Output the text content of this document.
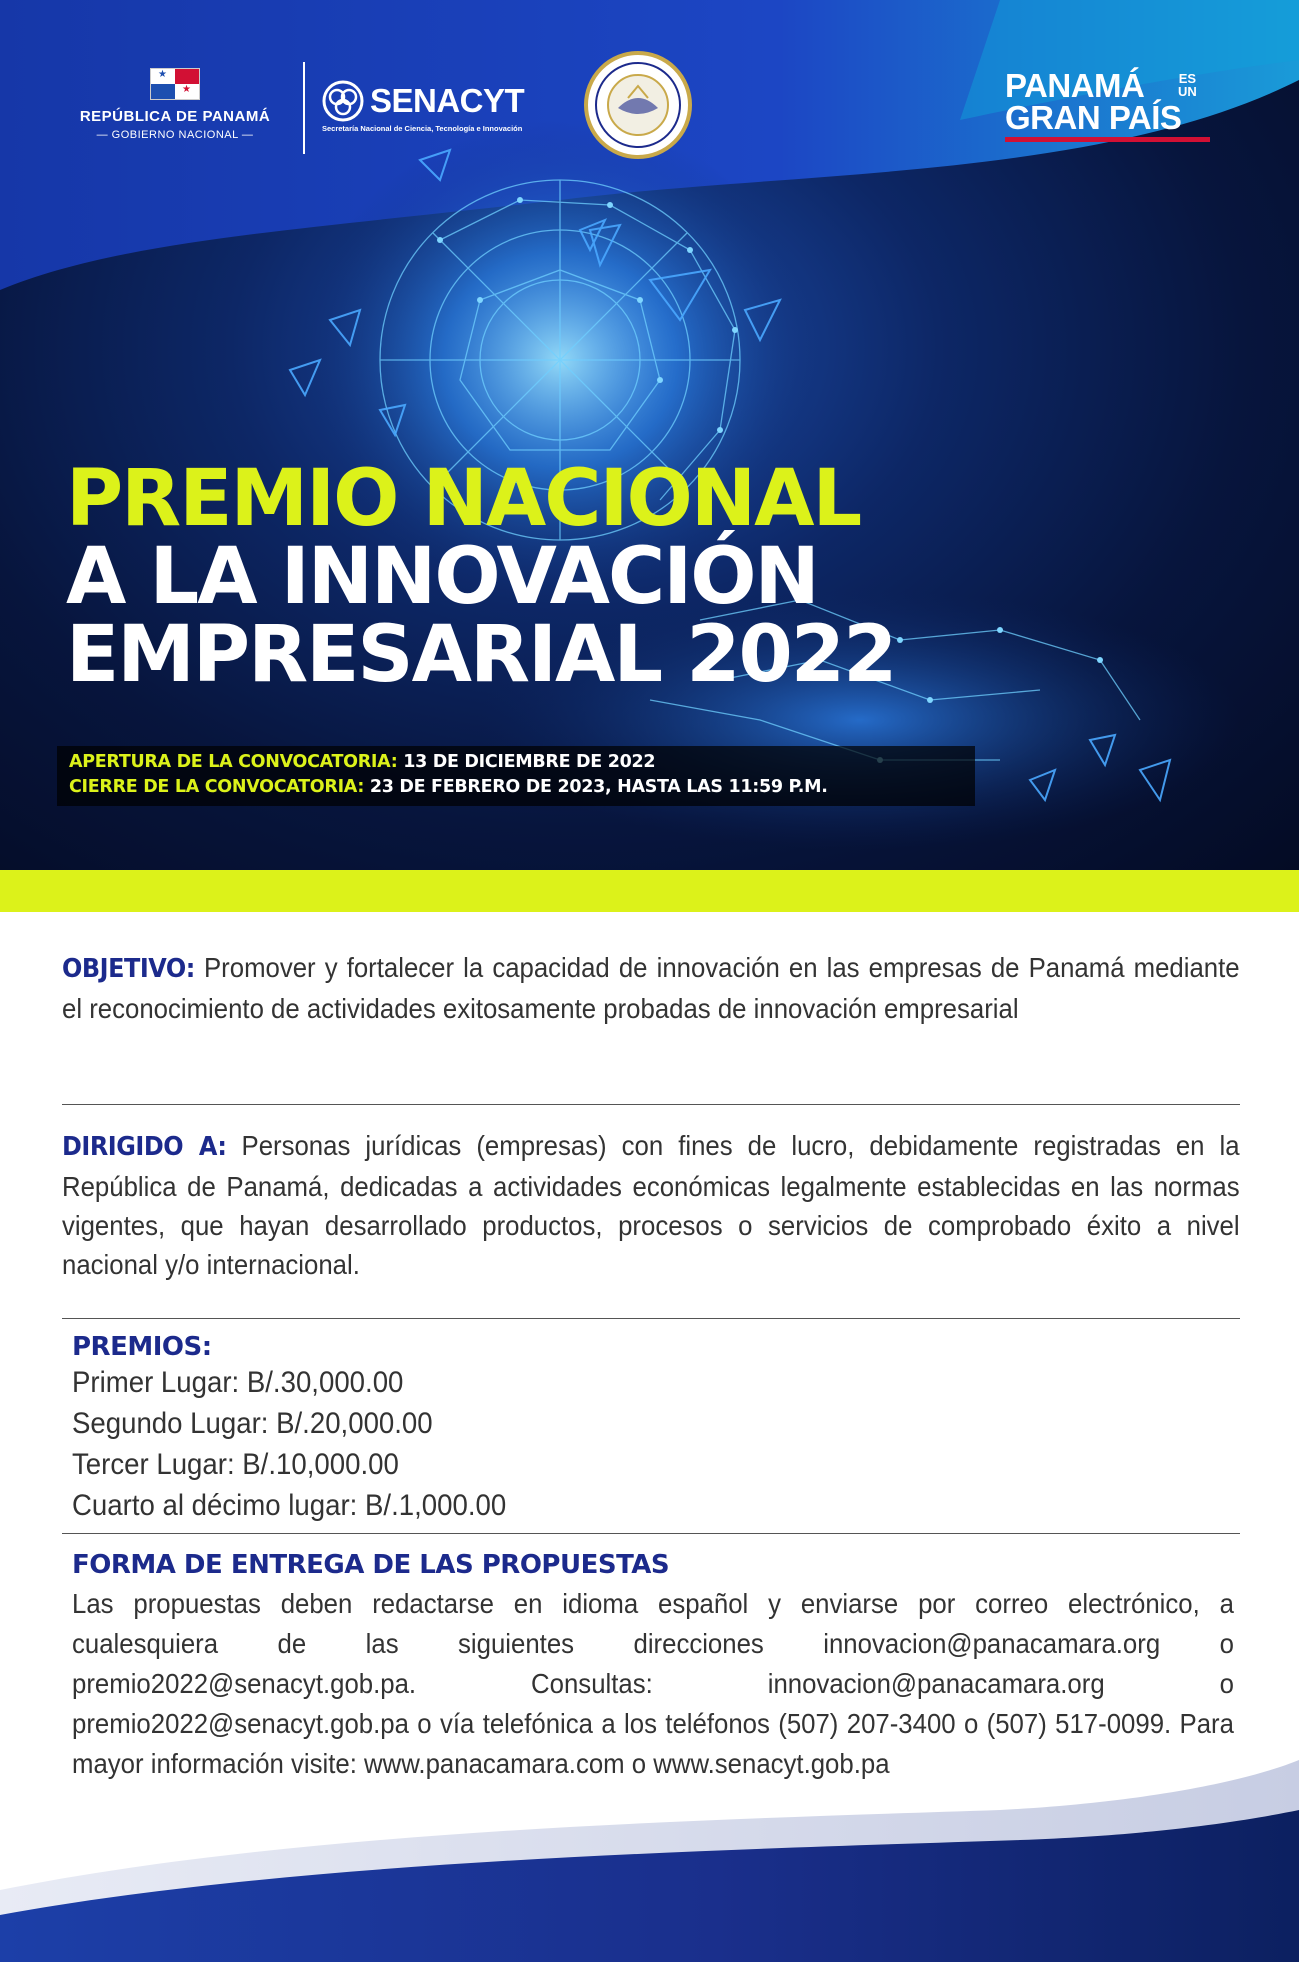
★
★
REPÚBLICA DE PANAMÁ
— GOBIERNO NACIONAL —
SENACYT
Secretaría Nacional de Ciencia, Tecnología e Innovación
PANAMÁ	ES
UN
GRAN PAÍS
PREMIO NACIONAL
A LA INNOVACIÓN
EMPRESARIAL 2022
APERTURA DE LA CONVOCATORIA: 13 DE DICIEMBRE DE 2022
CIERRE DE LA CONVOCATORIA: 23 DE FEBRERO DE 2023, HASTA LAS 11:59 P.M.
OBJETIVO: Promover y fortalecer la capacidad de innovación en las empresas de Panamá mediante el reconocimiento de actividades exitosamente probadas de innovación empresarial
DIRIGIDO A: Personas jurídicas (empresas) con fines de lucro, debidamente registradas en la República de Panamá, dedicadas a actividades económicas legalmente establecidas en las normas vigentes, que hayan desarrollado productos, procesos o servicios de comprobado éxito a nivel nacional y/o internacional.
PREMIOS:
Primer Lugar: B/.30,000.00
Segundo Lugar: B/.20,000.00
Tercer Lugar: B/.10,000.00
Cuarto al décimo lugar: B/.1,000.00
FORMA DE ENTREGA DE LAS PROPUESTAS
Las propuestas deben redactarse en idioma español y enviarse por correo electrónico, a cualesquiera de las siguientes direcciones innovacion@panacamara.org o premio2022@senacyt.gob.pa. Consultas: innovacion@panacamara.org o premio2022@senacyt.gob.pa o vía telefónica a los teléfonos (507) 207-3400 o (507) 517-0099. Para mayor información visite: www.panacamara.com o www.senacyt.gob.pa
